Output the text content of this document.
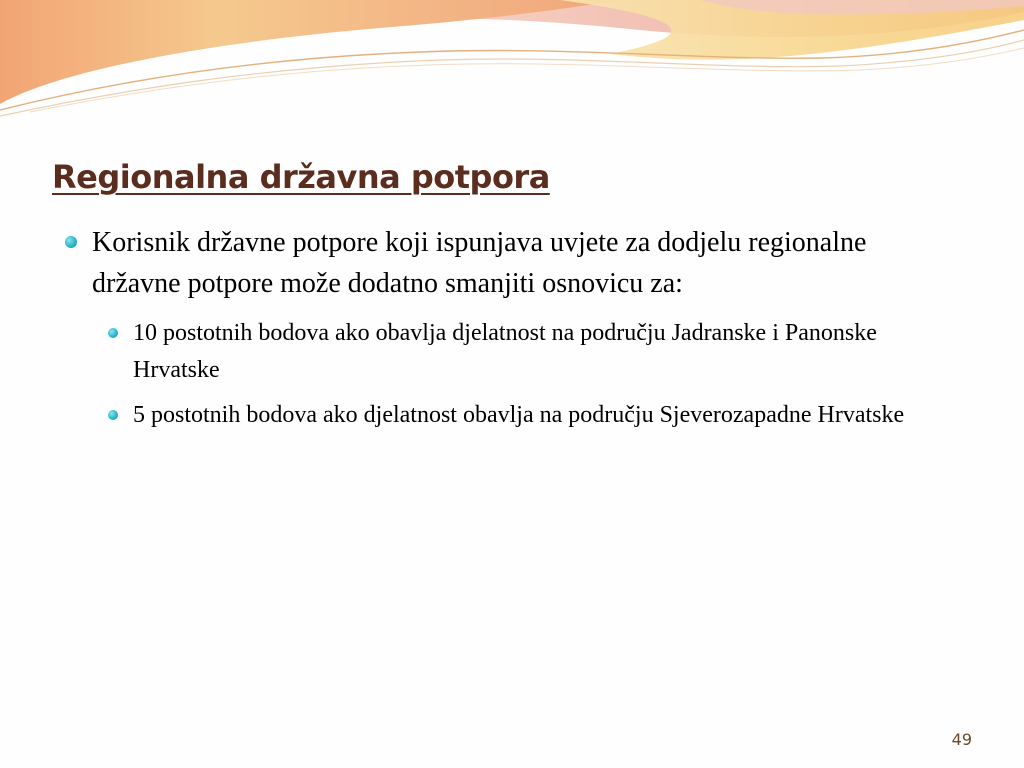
Regionalna državna potpora
Korisnik državne potpore koji ispunjava uvjete za dodjelu regionalne državne potpore može dodatno smanjiti osnovicu za:
10 postotnih bodova ako obavlja djelatnost na području Jadranske i Panonske Hrvatske
5 postotnih bodova ako djelatnost obavlja na području Sjeverozapadne Hrvatske
49
